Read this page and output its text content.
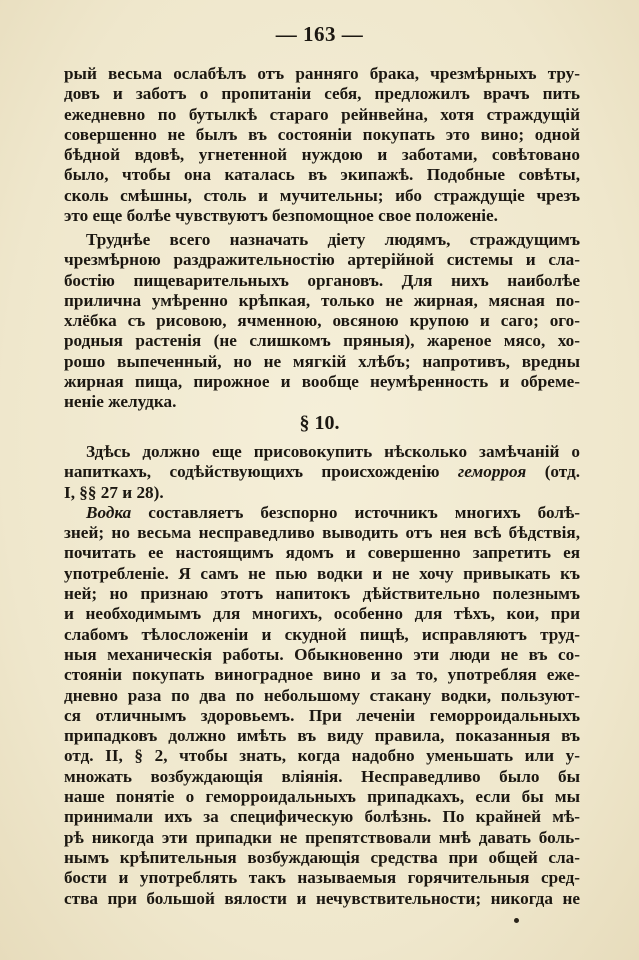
— 163 —
рый весьма ослабѣлъ отъ ранняго брака, чрезмѣрныхъ тру-
довъ и заботъ о пропитаніи себя, предложилъ врачъ пить
ежедневно по бутылкѣ стараго рейнвейна, хотя страждущій
совершенно не былъ въ состояніи покупать это вино; одной
бѣдной вдовѣ, угнетенной нуждою и заботами, совѣтовано
было, чтобы она каталась въ экипажѣ. Подобные совѣты,
сколь смѣшны, столь и мучительны; ибо страждущіе чрезъ
это еще болѣе чувствуютъ безпомощное свое положеніе.
Труднѣе всего назначать діету людямъ, страждущимъ
чрезмѣрною раздражительностію артерійной системы и сла-
бостію пищеварительныхъ органовъ. Для нихъ наиболѣе
прилична умѣренно крѣпкая, только не жирная, мясная по-
хлёбка съ рисовою, ячменною, овсяною крупою и саго; ого-
родныя растенія (не слишкомъ пряныя), жареное мясо, хо-
рошо выпеченный, но не мягкій хлѣбъ; напротивъ, вредны
жирная пища, пирожное и вообще неумѣренность и обреме-
неніе желудка.
§ 10.
Здѣсь должно еще присовокупить нѣсколько замѣчаній о
напиткахъ, содѣйствующихъ происхожденію геморроя (отд.
I, §§ 27 и 28).
Водка составляетъ безспорно источникъ многихъ болѣ-
зней; но весьма несправедливо выводить отъ нея всѣ бѣдствія,
почитать ее настоящимъ ядомъ и совершенно запретить ея
употребленіе. Я самъ не пью водки и не хочу привыкать къ
ней; но признаю этотъ напитокъ дѣйствительно полезнымъ
и необходимымъ для многихъ, особенно для тѣхъ, кои, при
слабомъ тѣлосложеніи и скудной пищѣ, исправляютъ труд-
ныя механическія работы. Обыкновенно эти люди не въ со-
стояніи покупать виноградное вино и за то, употребляя еже-
дневно раза по два по небольшому стакану водки, пользуют-
ся отличнымъ здоровьемъ. При леченіи геморроидальныхъ
припадковъ должно имѣть въ виду правила, показанныя въ
отд. II, § 2, чтобы знать, когда надобно уменьшать или у-
множать возбуждающія вліянія. Несправедливо было бы
наше понятіе о геморроидальныхъ припадкахъ, если бы мы
принимали ихъ за специфическую болѣзнь. По крайней мѣ-
рѣ никогда эти припадки не препятствовали мнѣ давать боль-
нымъ крѣпительныя возбуждающія средства при общей сла-
бости и употреблять такъ называемыя горячительныя сред-
ства при большой вялости и нечувствительности; никогда не
